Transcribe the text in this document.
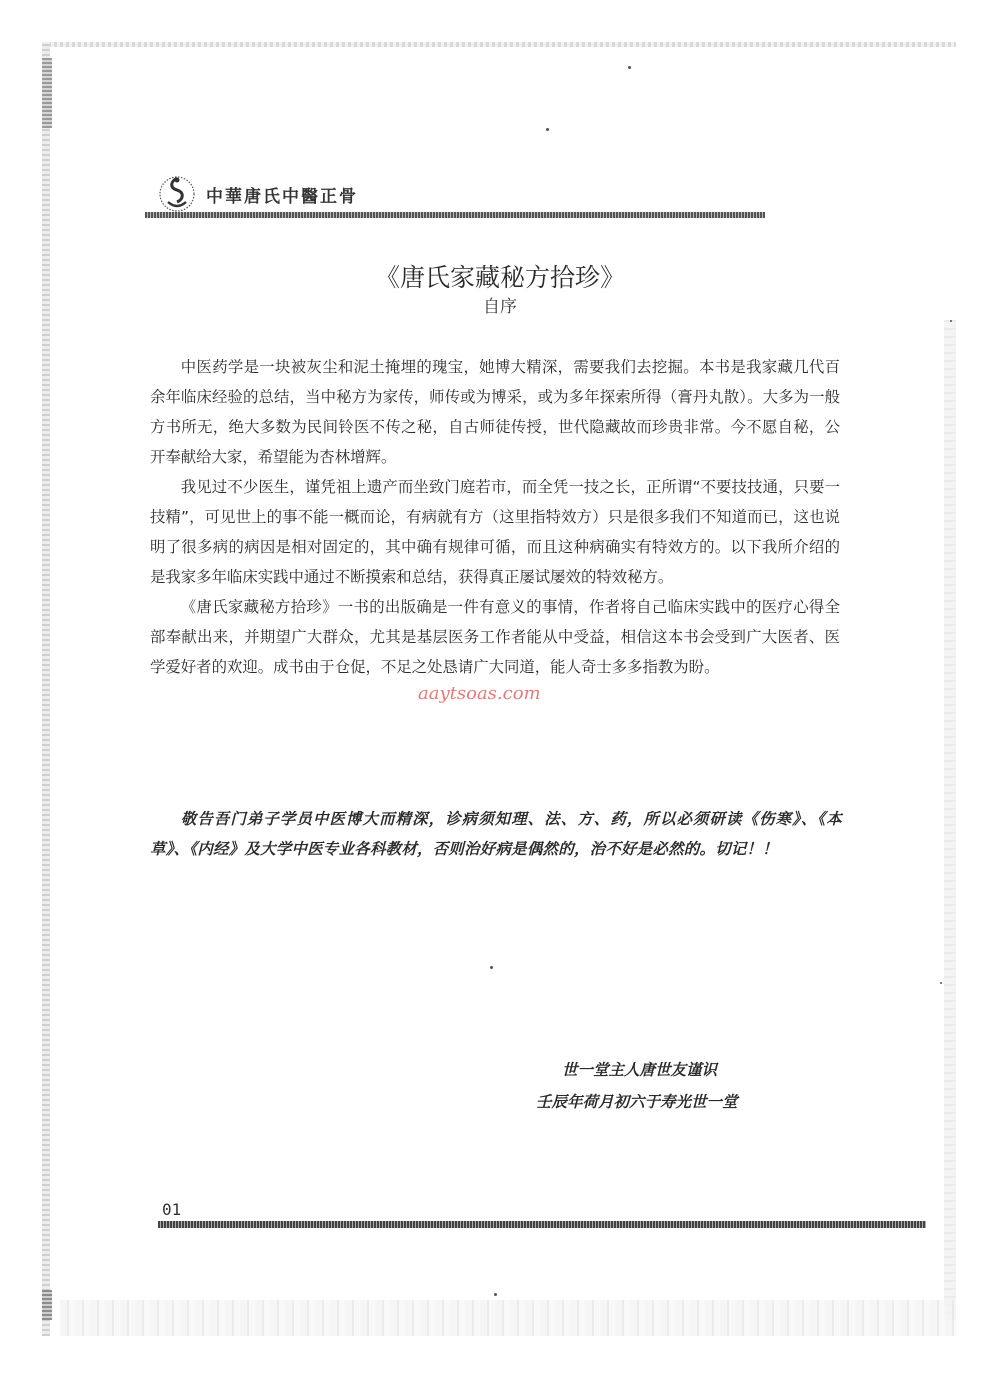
中華唐氏中醫正骨
《唐氏家藏秘方拾珍》
自序

中医药学是一块被灰尘和泥土掩埋的瑰宝，她博大精深，需要我们去挖掘。本书是我家藏几代百余年临床经验的总结，当中秘方为家传，师传或为博采，或为多年探索所得（膏丹丸散）。大多为一般方书所无，绝大多数为民间铃医不传之秘，自古师徒传授，世代隐藏故而珍贵非常。今不愿自秘，公开奉献给大家，希望能为杏林增辉。

我见过不少医生，谨凭祖上遗产而坐致门庭若市，而全凭一技之长，正所谓“不要技技通，只要一技精”，可见世上的事不能一概而论，有病就有方（这里指特效方）只是很多我们不知道而已，这也说明了很多病的病因是相对固定的，其中确有规律可循，而且这种病确实有特效方的。以下我所介绍的是我家多年临床实践中通过不断摸索和总结，获得真正屡试屡效的特效秘方。

《唐氏家藏秘方拾珍》一书的出版确是一件有意义的事情，作者将自己临床实践中的医疗心得全部奉献出来，并期望广大群众，尤其是基层医务工作者能从中受益，相信这本书会受到广大医者、医学爱好者的欢迎。成书由于仓促，不足之处恳请广大同道，能人奇士多多指教为盼。

aaytsoas.com

敬告吾门弟子学员中医博大而精深，诊病须知理、法、方、药，所以必须研读《伤寒》、《本草》、《内经》及大学中医专业各科教材，否则治好病是偶然的，治不好是必然的。切记！！

世一堂主人唐世友谨识
壬辰年荷月初六于寿光世一堂
01
